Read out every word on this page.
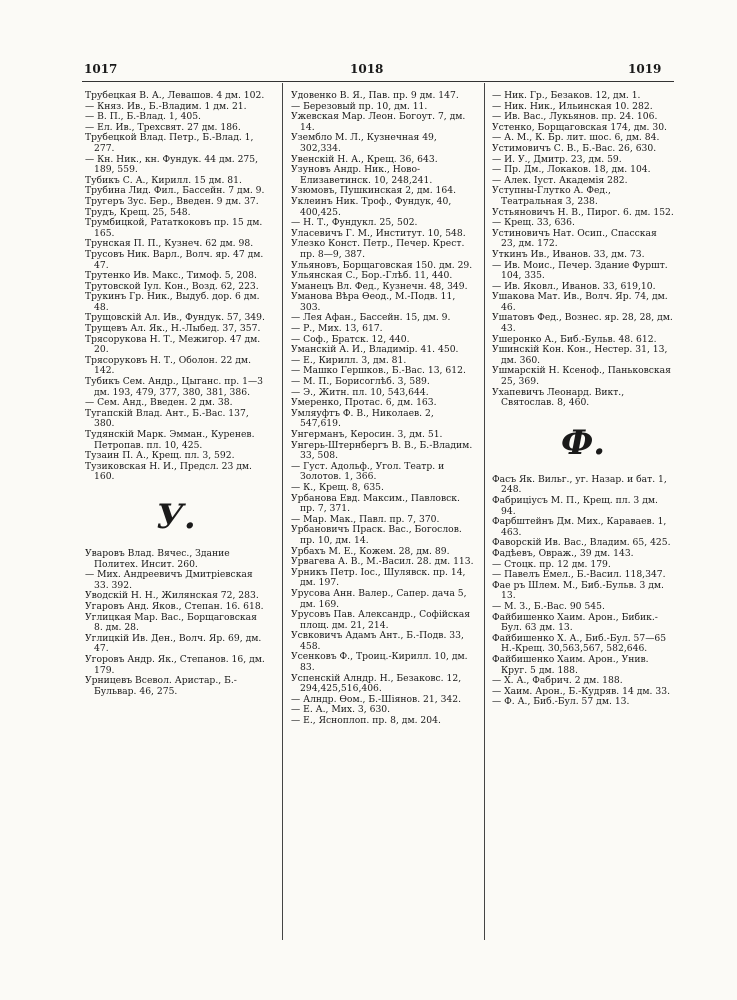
1017	1018	1019
Трубецкая В. А., Левашов. 4 дм. 102.
— Княз. Ив., Б.-Владим. 1 дм. 21.
— В. П., Б.-Влад. 1, 405.
— Ел. Ив., Трехсвят. 27 дм. 186.
Трубецкой Влад. Петр., Б.-Влад. 1, 277.
— Кн. Ник., кн. Фундук. 44 дм. 275, 189, 559.
Тубикъ С. А., Кирилл. 15 дм. 81.
Трубина Лид. Фил., Бассейн. 7 дм. 9.
Тругеръ Зус. Бер., Введен. 9 дм. 37.
Трудъ, Крещ. 25, 548.
Трумбицкой, Рататкоковъ пр. 15 дм. 165.
Трунская П. П., Кузнеч. 62 дм. 98.
Трусовъ Ник. Варл., Волч. яр. 47 дм. 47.
Трутенко Ив. Макс., Тимоф. 5, 208.
Трутовской Іул. Кон., Возд. 62, 223.
Трукинъ Гр. Ник., Выдуб. дор. 6 дм. 48.
Трущовскiй Ал. Ив., Фундук. 57, 349.
Трущевъ Ал. Як., Н.-Лыбед. 37, 357.
Трясорукова Н. Т., Межигор. 47 дм. 20.
Трясоруковъ Н. Т., Оболон. 22 дм. 142.
Тубикъ Сем. Андр., Цыганс. пр. 1—3 дм. 193, 479, 377, 380, 381, 386.
— Сем. Анд., Введен. 2 дм. 38.
Тугапскiй Влад. Ант., Б.-Вас. 137, 380.
Тудянскiй Марк. Эмман., Куренев. Петропав. пл. 10, 425.
Тузаин П. А., Крещ. пл. 3, 592.
Тузиковская Н. И., Предсл. 23 дм. 160.
У.
Уваровъ Влад. Вячес., Здание Политех. Инсит. 260.
— Мих. Андреевичъ Дмитрiевская 33. 392.
Уводскiй Н. Н., Жилянская 72, 283.
Угаровъ Анд. Яков., Степан. 16. 618.
Углицкая Мар. Вас., Борщаговская 8. дм. 28.
Углицкiй Ив. Ден., Волч. Яр. 69, дм. 47.
Угоровъ Андр. Як., Степанов. 16, дм. 179.
Урницевъ Всевол. Аристар., Б.-Бульвар. 46, 275.
Удовенко В. Я., Пав. пр. 9 дм. 147.
— Березовый пр. 10, дм. 11.
Ужевская Мар. Леон. Богоут. 7, дм. 14.
Узембло М. Л., Кузнечная 49, 302,334.
Увенскiй Н. А., Крещ. 36, 643.
Узуновъ Андр. Ник., Ново-Елизаветинск. 10, 248,241.
Узюмовъ, Пушкинская 2, дм. 164.
Уклеинъ Ник. Троф., Фундук, 40, 400,425.
— Н. Т., Фундукл. 25, 502.
Уласевичъ Г. М., Институт. 10, 548.
Улезко Конст. Петр., Печер. Крест. пр. 8—9, 387.
Ульяновъ, Борщаговская 150. дм. 29.
Ульянская С., Бор.-Глѣб. 11, 440.
Уманецъ Вл. Фед., Кузнечн. 48, 349.
Уманова Вѣра Ѳеод., М.-Подв. 11, 303.
— Лея Афан., Бассейн. 15, дм. 9.
— Р., Мих. 13, 617.
— Соф., Братск. 12, 440.
Уманскiй А. И., Владимiр. 41. 450.
— Е., Кирилл. 3, дм. 81.
— Машко Гершков., Б.-Вас. 13, 612.
— М. П., Борисоглѣб. 3, 589.
— Э., Житн. пл. 10, 543,644.
Умеренко, Протас. 6, дм. 163.
Умляуфтъ Ф. В., Николаев. 2, 547,619.
Унгерманъ, Керосин. 3, дм. 51.
Унгерь-Штернбергъ В. В., Б.-Владим. 33, 508.
— Густ. Адольф., Угол. Театр. и Золотов. 1, 366.
— К., Крещ. 8, 635.
Урбанова Евд. Максим., Павловск. пр. 7, 371.
— Мар. Мак., Павл. пр. 7, 370.
Урбановичъ Праск. Вас., Богослов. пр. 10, дм. 14.
Урбахъ М. Е., Кожем. 28, дм. 89.
Урвагева А. В., М.-Васил. 28. дм. 113.
Урникъ Петр. Іос., Шулявск. пр. 14, дм. 197.
Урусова Анн. Валер., Сапер. дача 5, дм. 169.
Урусовъ Пав. Александр., Софiйская площ. дм. 21, 214.
Усвковичъ Адамъ Ант., Б.-Подв. 33, 458.
Усенковъ Ф., Троиц.-Кирилл. 10, дм. 83.
Успенскiй Алндр. Н., Безаковс. 12, 294,425,516,406.
— Алндр. Ѳом., Б.-Шiянов. 21, 342.
— Е. А., Мих. 3, 630.
— Е., Ясноплоп. пр. 8, дм. 204.
— Ник. Гр., Безаков. 12, дм. 1.
— Ник. Ник., Ильинская 10. 282.
— Ив. Вас., Лукьянов. пр. 24. 106.
Устенко, Борщаговская 174, дм. 30.
— А. М., К. Бр. лит. шос. 6, дм. 84.
Устимовичъ С. В., Б.-Вас. 26, 630.
— И. У., Дмитр. 23, дм. 59.
— Пр. Дм., Локаков. 18, дм. 104.
— Алек. Іуст. Академія 282.
Уступны-Глутко А. Фед., Театральная 3, 238.
Устьяновичъ Н. В., Пирог. 6. дм. 152.
— Крещ. 33, 636.
Устиновичъ Нат. Осип., Спасская 23, дм. 172.
Уткинъ Ив., Иванов. 33, дм. 73.
— Ив. Моис., Печер. Здание Фуршт. 104, 335.
— Ив. Яковл., Иванов. 33, 619,10.
Ушакова Мат. Ив., Волч. Яр. 74, дм. 46.
Ушатовъ Фед., Вознес. яр. 28, 28, дм. 43.
Ушеронко А., Биб.-Бульв. 48. 612.
Ушинскiй Кон. Кон., Нестер. 31, 13, дм. 360.
Ушмарскiй Н. Ксеноф., Паньковская 25, 369.
Ухапевичъ Леонард. Викт., Святослав. 8, 460.
Ф.
Фасъ Як. Вильг., уг. Назар. и бат. 1, 248.
Фабрицiусъ М. П., Крещ. пл. 3 дм. 94.
Фарбштейнъ Дм. Мих., Караваев. 1, 463.
Фаворскiй Ив. Вас., Владим. 65, 425.
Фадѣевъ, Овраж., 39 дм. 143.
— Стоцк. пр. 12 дм. 179.
— Павелъ Емел., Б.-Васил. 118,347.
Фае ръ Шлем. М., Биб.-Бульв. 3 дм. 13.
— М. З., Б.-Вас. 90 545.
Файбишенко Хаим. Арон., Бибик.-Бул. 63 дм. 13.
Файбишенко Х. А., Биб.-Бул. 57—65 Н.-Крещ. 30,563,567, 582,646.
Файбишенко Хаим. Арон., Унив. Круг. 5 дм. 188.
— Х. А., Фабрич. 2 дм. 188.
— Хаим. Арон., Б.-Кудряв. 14 дм. 33.
— Ф. А., Биб.-Бул. 57 дм. 13.
